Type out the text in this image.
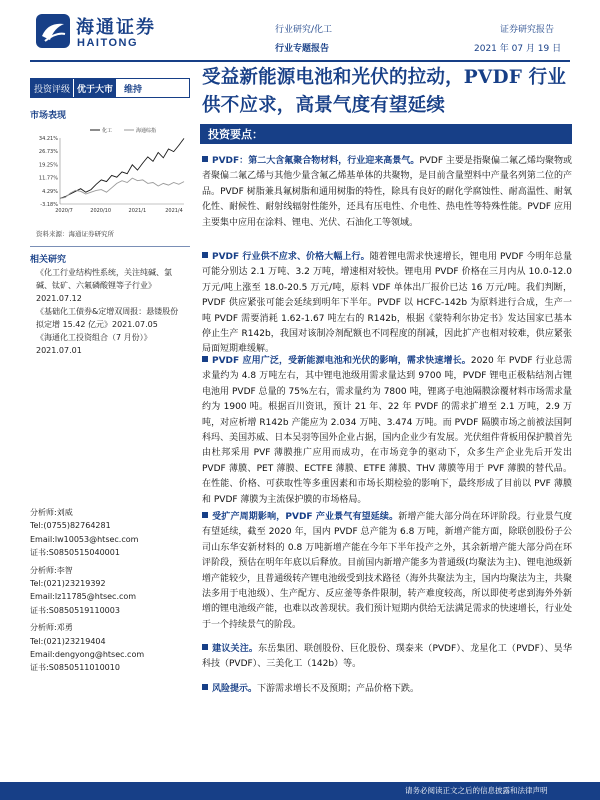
海通证券
HAITONG
行业研究/化工
行业专题报告
证券研究报告
2021 年 07 月 19 日
投资评级 优于大市	维持
市场表现
34.21%
26.73%
19.25%
11.77%
4.29%
-3.18%
2020/7	2020/10	2021/1	2021/4
化工	海通综指
资料来源：海通证券研究所
相关研究
《化工行业结构性系统，关注纯碱、氯碱、钛矿、六氟磷酸锂等子行业》2021.07.12
《基础化工债券&定增双周报：悬镂股份拟定增 15.42 亿元》2021.07.05
《海通化工投资组合（7 月份）》2021.07.01
分析师:刘威
Tel:(0755)82764281
Email:lw10053@htsec.com
证书:S0850515040001
分析师:李智
Tel:(021)23219392
Email:lz11785@htsec.com
证书:S0850519110003
分析师:邓勇
Tel:(021)23219404
Email:dengyong@htsec.com
证书:S0850511010010
受益新能源电池和光伏的拉动，PVDF 行业供不应求，高景气度有望延续
投资要点：
PVDF：第二大含氟聚合物材料，行业迎来高景气。PVDF 主要是指聚偏二氟乙烯均聚物或者聚偏二氟乙烯与其他少量含氟乙烯基单体的共聚物，是目前含量塑料中产量名列第二位的产品。PVDF 树脂兼具氟树脂和通用树脂的特性，除具有良好的耐化学腐蚀性、耐高温性、耐氧化性、耐候性、耐射线辐射性能外，还具有压电性、介电性、热电性等特殊性能。PVDF 应用主要集中应用在涂料、锂电、光伏、石油化工等领域。
PVDF 行业供不应求、价格大幅上行。随着锂电需求快速增长，锂电用 PVDF 今明年总量可能分别达 2.1 万吨、3.2 万吨，增速相对较快。锂电用 PVDF 价格在三月内从 10.0-12.0 万元/吨上涨至 18.0-20.5 万元/吨，原料 VDF 单体出厂报价已达 16 万元/吨。我们判断，PVDF 供应紧张可能会延续到明年下半年。PVDF 以 HCFC-142b 为原料进行合成，生产一吨 PVDF 需要消耗 1.62-1.67 吨左右的 R142b，根据《蒙特利尔协定书》发达国家已基本停止生产 R142b，我国对该制冷剂配额也不同程度的削减，因此扩产也相对较难，供应紧张局面短期难缓解。
PVDF 应用广泛，受新能源电池和光伏的影响，需求快速增长。2020 年 PVDF 行业总需求量约为 4.8 万吨左右，其中锂电池级用需求量达到 9700 吨，PVDF 锂电正极粘结剂占锂电池用 PVDF 总量的 75%左右，需求量约为 7800 吨，锂离子电池隔膜涂覆材料市场需求量约为 1900 吨。根据百川资讯，预计 21 年、22 年 PVDF 的需求扩增至 2.1 万吨，2.9 万吨，对应析增 R142b 产能应为 2.034 万吨、3.474 万吨。而 PVDF 隔膜市场之前被法国阿科玛、美国苏威、日本吴羽等国外企业占据，国内企业少有发展。光伏组件背板用保护膜首先由杜邦采用 PVF 薄膜推广应用而成功，在市场竞争的驱动下，众多生产企业先后开发出 PVDF 薄膜、PET 薄膜、ECTFE 薄膜、ETFE 薄膜、THV 薄膜等用于 PVF 薄膜的替代品。在性能、价格、可获取性等多重因素和市场长期检验的影响下，最终形成了目前以 PVF 薄膜和 PVDF 薄膜为主流保护膜的市场格局。
受扩产周期影响，PVDF 产业景气有望延续。新增产能大部分尚在环评阶段。行业景气度有望延续，截至 2020 年，国内 PVDF 总产能为 6.8 万吨，新增产能方面，除联创股份子公司山东华安新材料的 0.8 万吨新增产能在今年下半年投产之外，其余新增产能大部分尚在环评阶段，预估在明年年底以后释放。目前国内新增产能多为普通级(均聚法为主)、锂电池级新增产能较少，且普通级转产锂电池级受到技术路径（海外共聚法为主，国内均聚法为主，共聚法多用于电池级）、生产配方、反应釜等条件限制，转产难度较高，所以即使考虑到海外外新增的锂电池级产能，也难以改善现状。我们预计短期内供给无法满足需求的快速增长，行业处于一个持续景气的阶段。
建议关注。东岳集团、联创股份、巨化股份、璞泰来（PVDF）、龙星化工（PVDF）、昊华科技（PVDF）、三美化工（142b）等。
风险提示。下游需求增长不及预期；产品价格下跌。
请务必阅读正文之后的信息披露和法律声明
